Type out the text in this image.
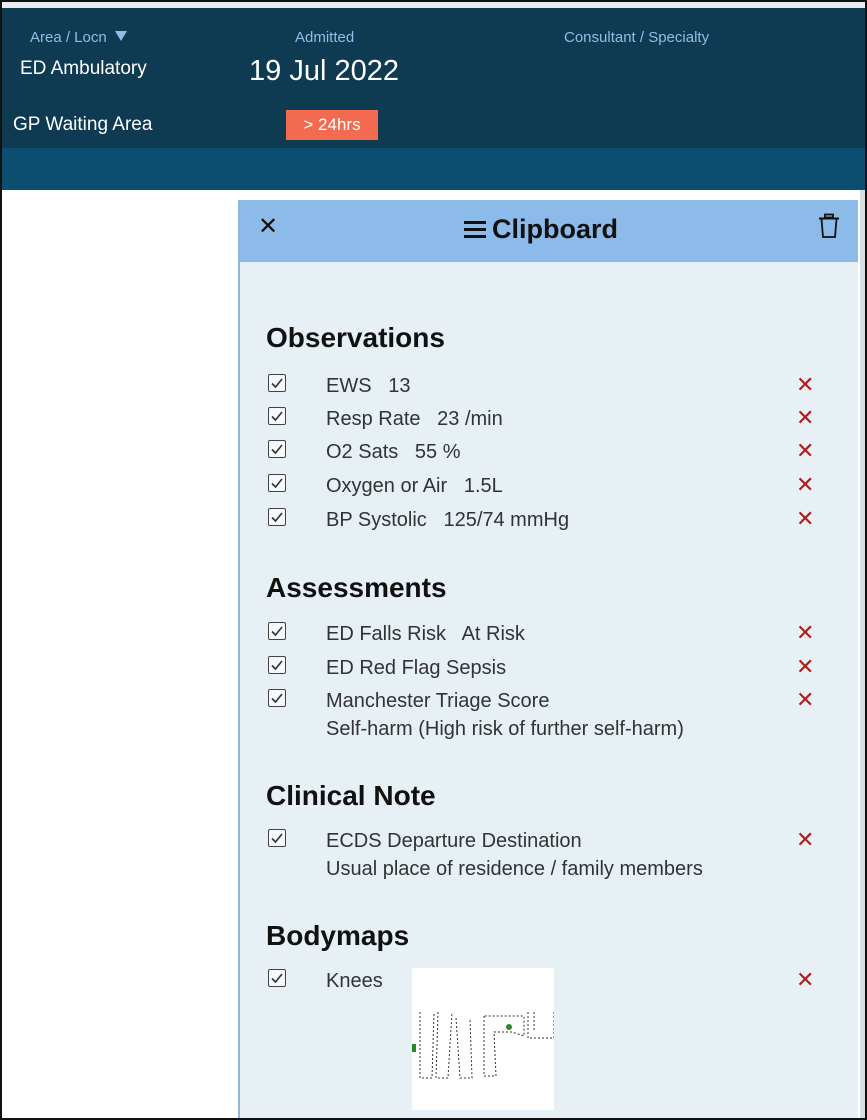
Area / Locn
ED Ambulatory
Admitted
19 Jul 2022
Consultant / Specialty
GP Waiting Area	> 24hrs
✕	Clipboard
Observations
EWS   13	✕
Resp Rate   23 /min	✕
O2 Sats   55 %	✕
Oxygen or Air   1.5L	✕
BP Systolic   125/74 mmHg	✕
Assessments
ED Falls Risk   At Risk	✕
ED Red Flag Sepsis	✕
Manchester Triage Score
Self-harm (High risk of further self-harm)
✕
Clinical Note
ECDS Departure Destination
Usual place of residence / family members
✕
Bodymaps
Knees	✕
